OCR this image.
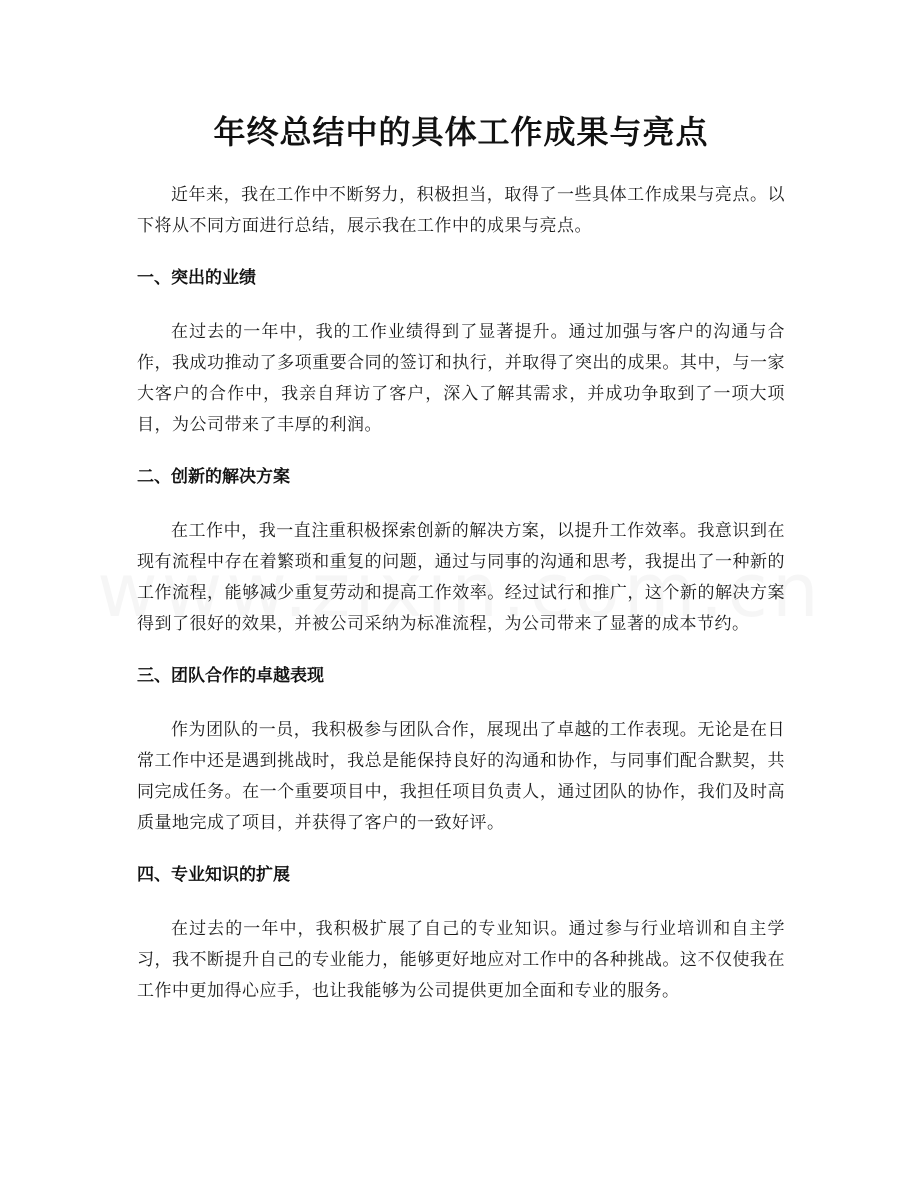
年终总结中的具体工作成果与亮点

近年来，我在工作中不断努力，积极担当，取得了一些具体工作成果与亮点。以下将从不同方面进行总结，展示我在工作中的成果与亮点。

一、突出的业绩

在过去的一年中，我的工作业绩得到了显著提升。通过加强与客户的沟通与合作，我成功推动了多项重要合同的签订和执行，并取得了突出的成果。其中，与一家大客户的合作中，我亲自拜访了客户，深入了解其需求，并成功争取到了一项大项目，为公司带来了丰厚的利润。

二、创新的解决方案

在工作中，我一直注重积极探索创新的解决方案，以提升工作效率。我意识到在现有流程中存在着繁琐和重复的问题，通过与同事的沟通和思考，我提出了一种新的工作流程，能够减少重复劳动和提高工作效率。经过试行和推广，这个新的解决方案得到了很好的效果，并被公司采纳为标准流程，为公司带来了显著的成本节约。

三、团队合作的卓越表现

作为团队的一员，我积极参与团队合作，展现出了卓越的工作表现。无论是在日常工作中还是遇到挑战时，我总是能保持良好的沟通和协作，与同事们配合默契，共同完成任务。在一个重要项目中，我担任项目负责人，通过团队的协作，我们及时高质量地完成了项目，并获得了客户的一致好评。

四、专业知识的扩展

在过去的一年中，我积极扩展了自己的专业知识。通过参与行业培训和自主学习，我不断提升自己的专业能力，能够更好地应对工作中的各种挑战。这不仅使我在工作中更加得心应手，也让我能够为公司提供更加全面和专业的服务。
